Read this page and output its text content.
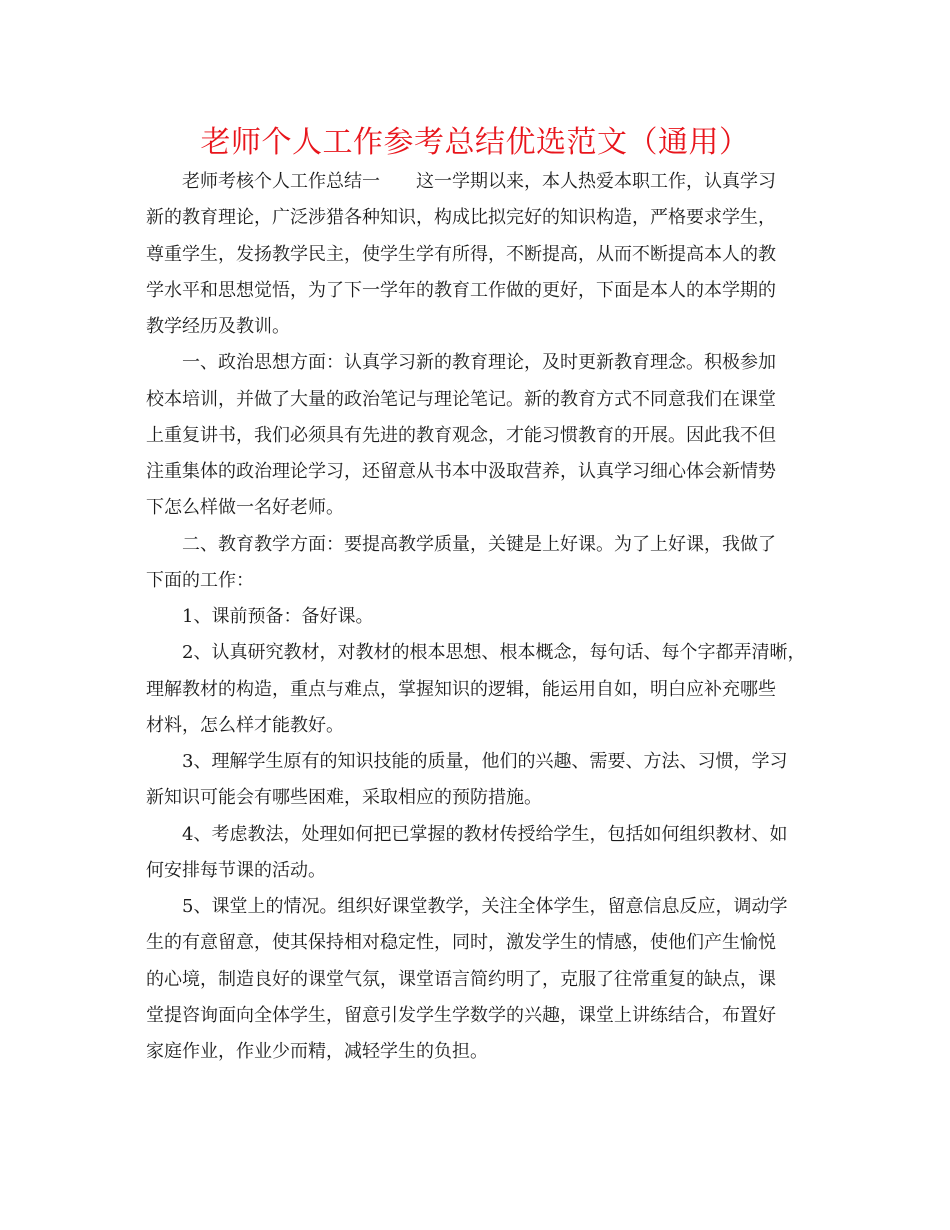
老师个人工作参考总结优选范文（通用）

老师考核个人工作总结一　　这一学期以来，本人热爱本职工作，认真学习

新的教育理论，广泛涉猎各种知识，构成比拟完好的知识构造，严格要求学生，

尊重学生，发扬教学民主，使学生学有所得，不断提高，从而不断提高本人的教

学水平和思想觉悟，为了下一学年的教育工作做的更好，下面是本人的本学期的

教学经历及教训。

一、政治思想方面：认真学习新的教育理论，及时更新教育理念。积极参加

校本培训，并做了大量的政治笔记与理论笔记。新的教育方式不同意我们在课堂

上重复讲书，我们必须具有先进的教育观念，才能习惯教育的开展。因此我不但

注重集体的政治理论学习，还留意从书本中汲取营养，认真学习细心体会新情势

下怎么样做一名好老师。

二、教育教学方面：要提高教学质量，关键是上好课。为了上好课，我做了

下面的工作：

1、课前预备：备好课。

2、认真研究教材，对教材的根本思想、根本概念，每句话、每个字都弄清晰，

理解教材的构造，重点与难点，掌握知识的逻辑，能运用自如，明白应补充哪些

材料，怎么样才能教好。

3、理解学生原有的知识技能的质量，他们的兴趣、需要、方法、习惯，学习

新知识可能会有哪些困难，采取相应的预防措施。

4、考虑教法，处理如何把已掌握的教材传授给学生，包括如何组织教材、如

何安排每节课的活动。

5、课堂上的情况。组织好课堂教学，关注全体学生，留意信息反应，调动学

生的有意留意，使其保持相对稳定性，同时，激发学生的情感，使他们产生愉悦

的心境，制造良好的课堂气氛，课堂语言简约明了，克服了往常重复的缺点，课

堂提咨询面向全体学生，留意引发学生学数学的兴趣，课堂上讲练结合，布置好

家庭作业，作业少而精，减轻学生的负担。
